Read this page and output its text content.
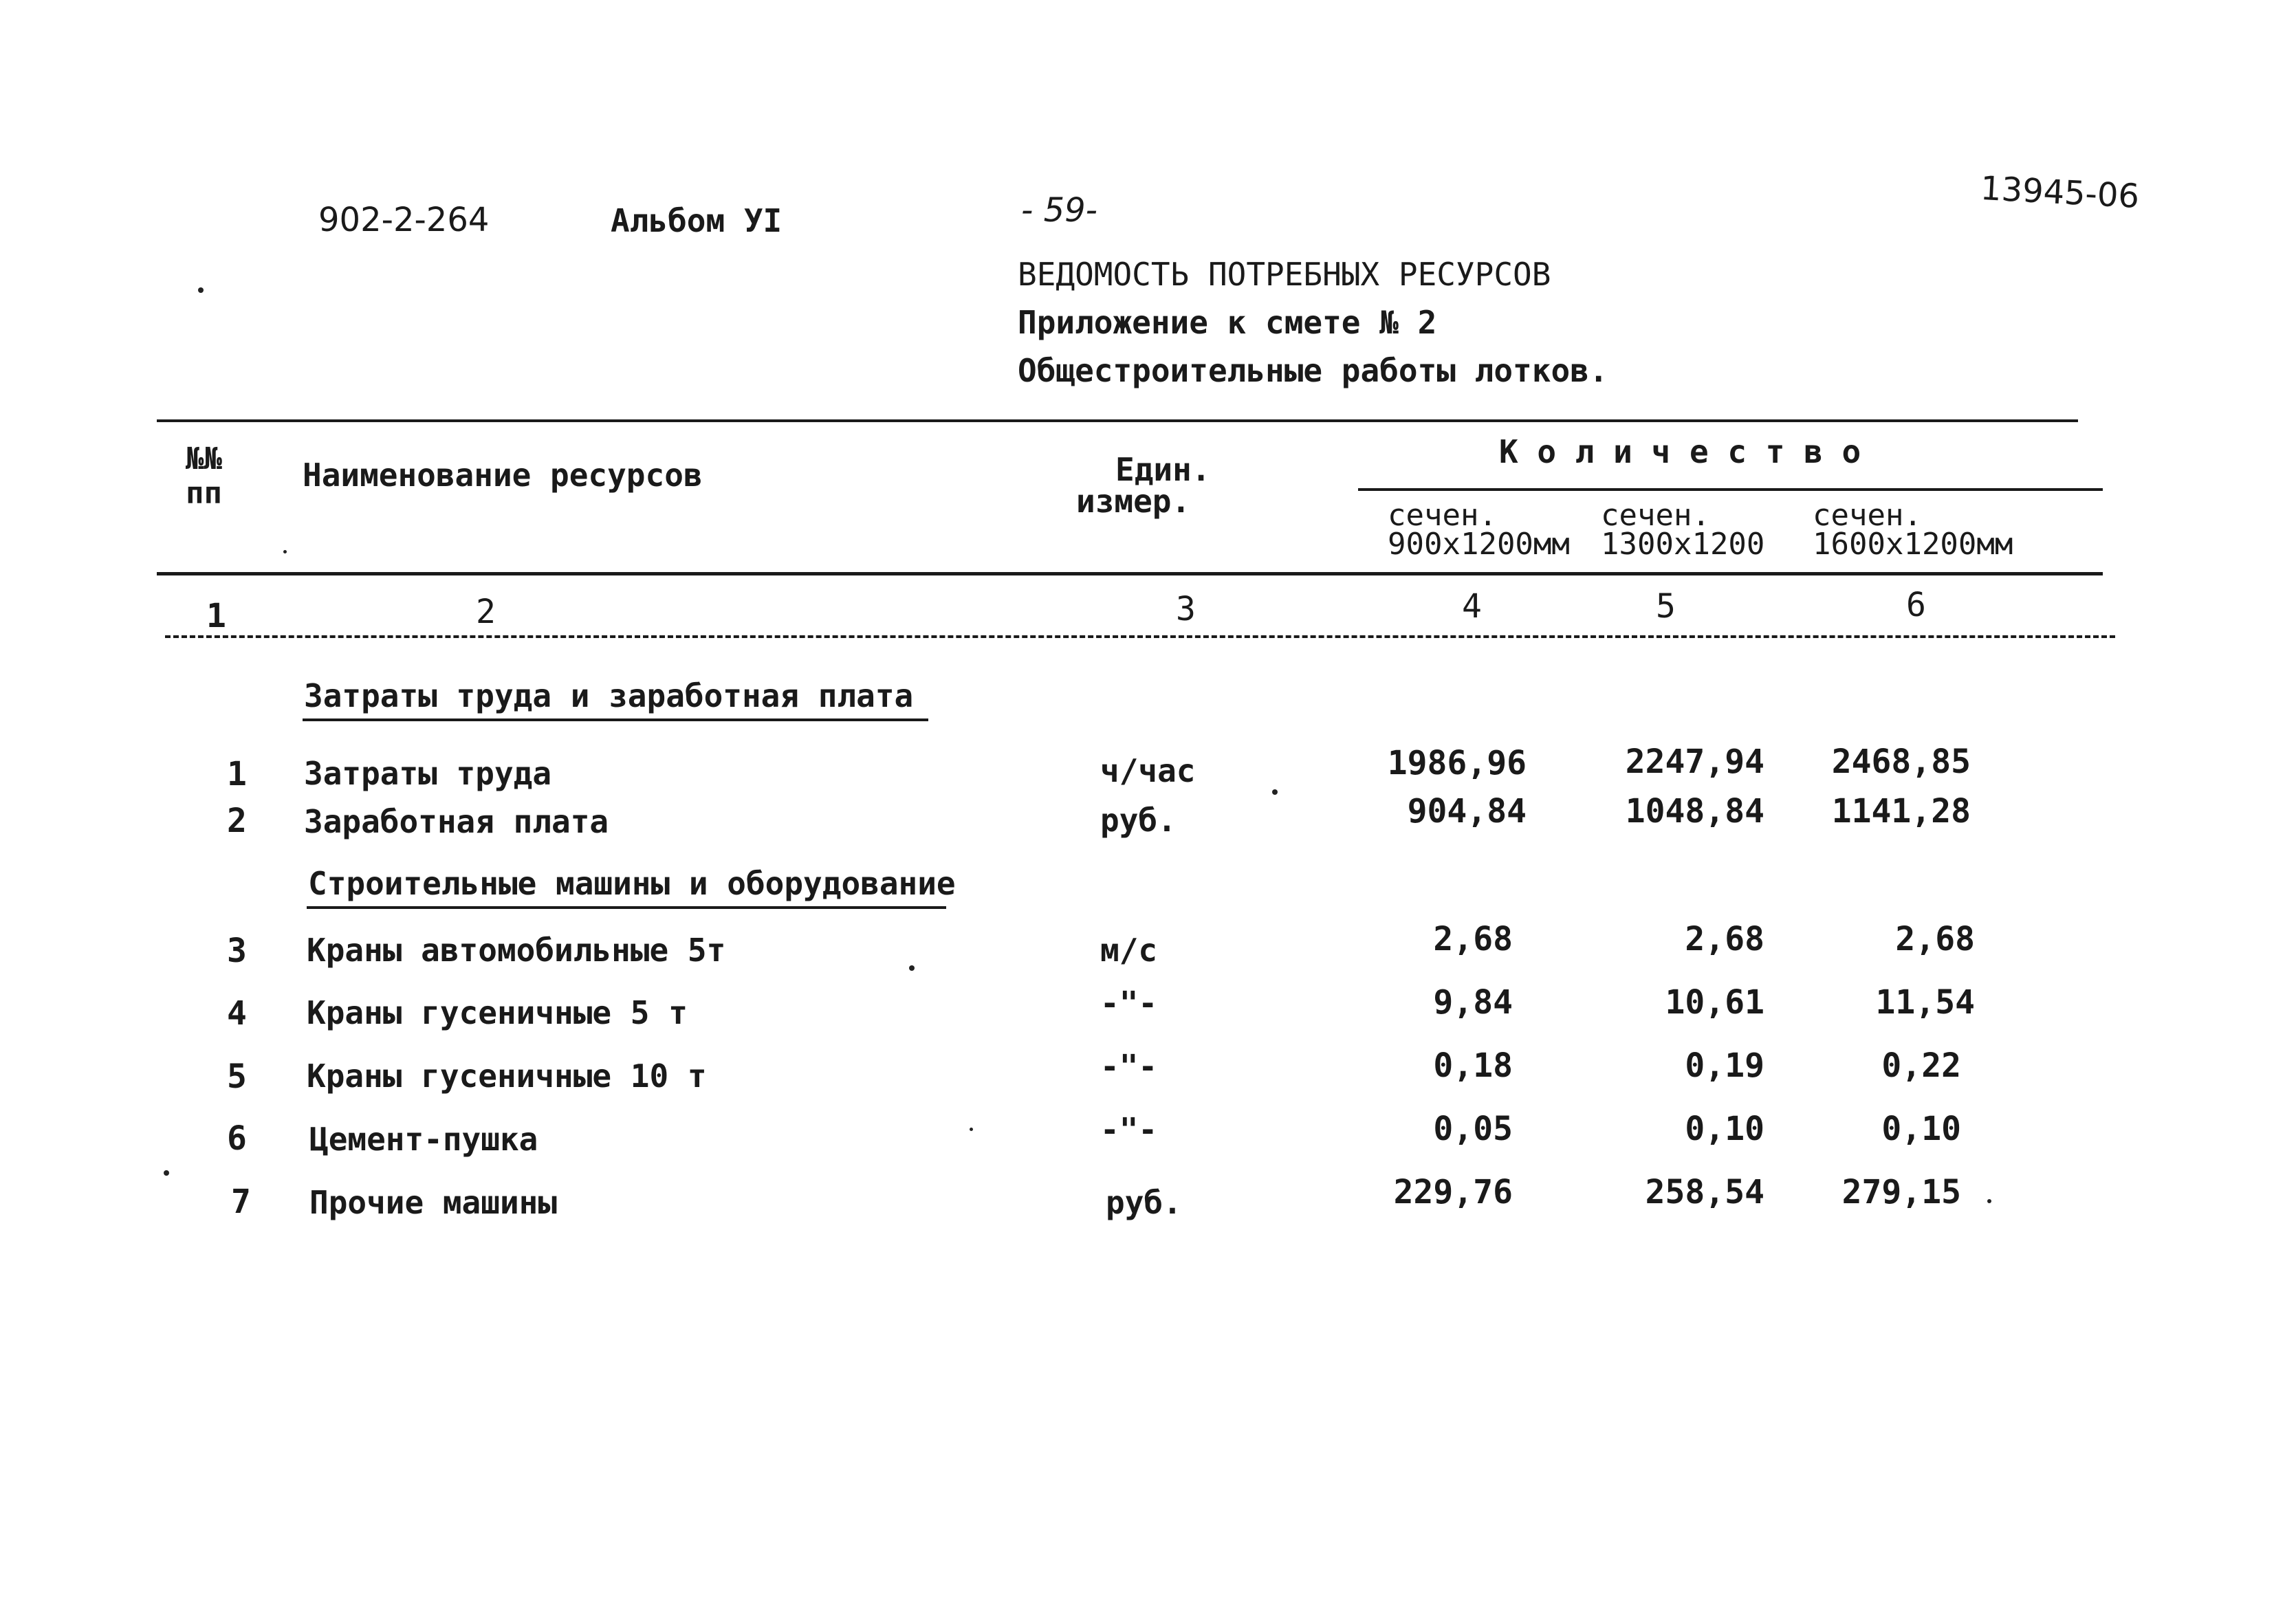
902-2-264	Альбом УI	- 59-	13945-06
ВЕДОМОСТЬ ПОТРЕБНЫХ РЕСУРСОВ
Приложение к смете № 2
Общестроительные работы лотков.
№№
пп	Наименование ресурсов	Един.
измер.
К о л и ч е с т в о
сечен.
900х1200мм
сечен.
1300х1200
сечен.
1600х1200мм
1	2	3	4	5	6
Затраты труда и заработная плата
1 Затраты труда	ч/час	1986,96	2247,94	2468,85
2 Заработная плата	руб.	904,84	1048,84	1141,28
Строительные машины и оборудование
3 Краны автомобильные 5т	м/с	2,68	2,68	2,68
4 Краны гусеничные 5 т	-"-	9,84	10,61	11,54
5 Краны гусеничные 10 т	-"-	0,18	0,19	0,22
6 Цемент-пушка	-"-	0,05	0,10	0,10
7 Прочие машины	руб.	229,76	258,54	279,15
